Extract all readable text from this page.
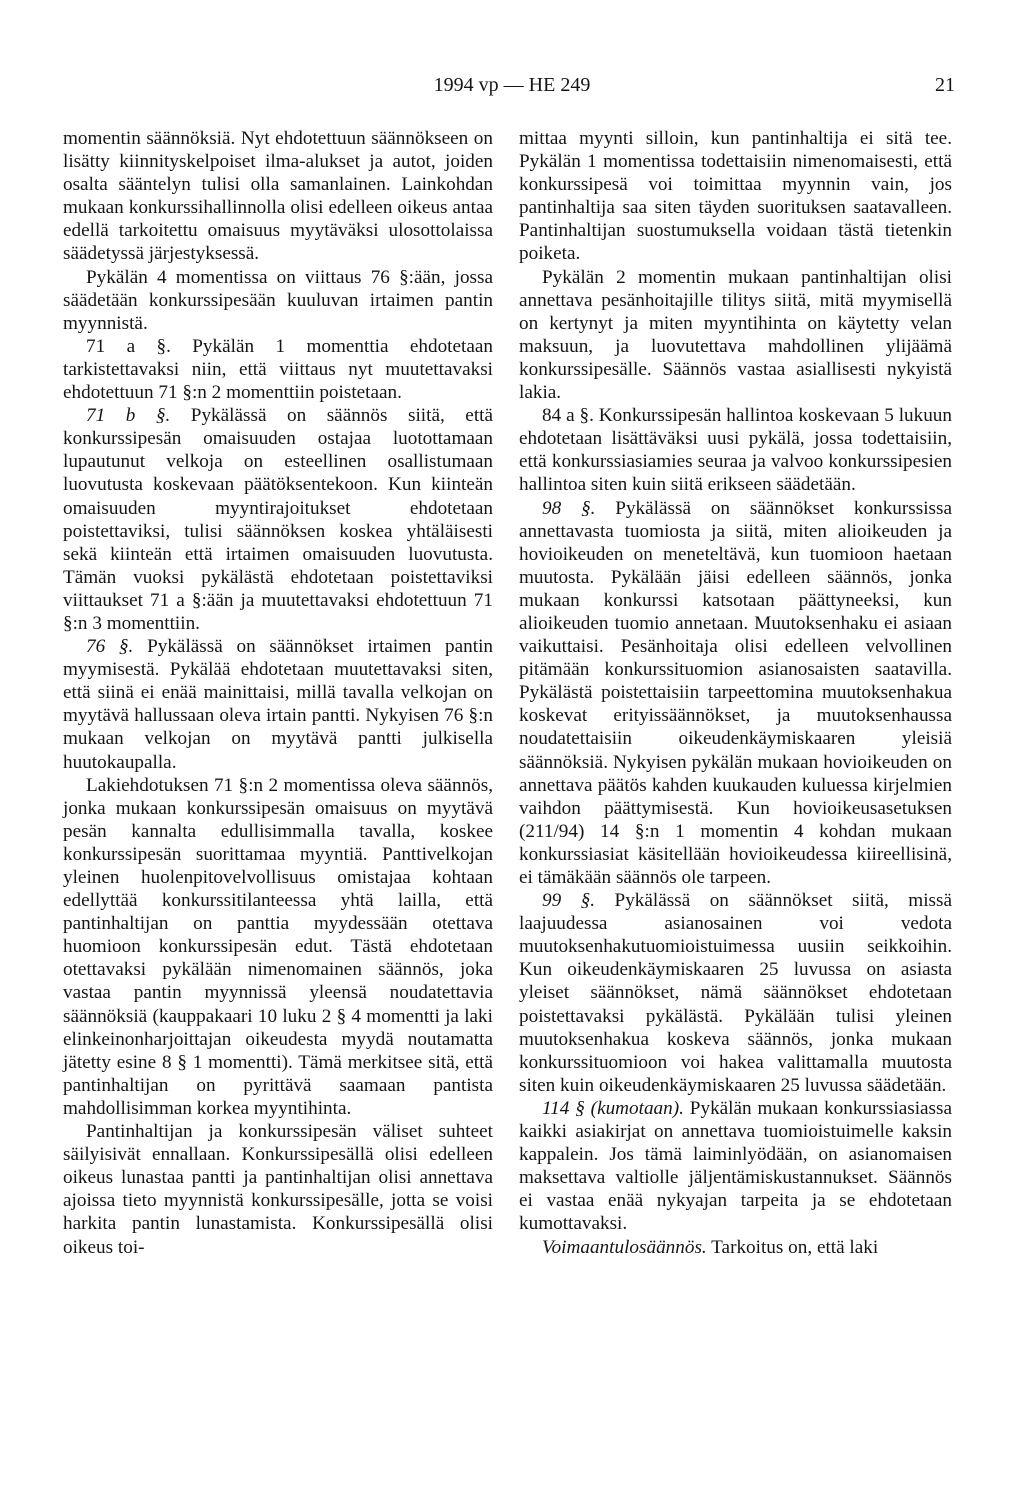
1994 vp — HE 249	21

momentin säännöksiä. Nyt ehdotettuun säännökseen on lisätty kiinnityskelpoiset ilma-alukset ja autot, joiden osalta sääntelyn tulisi olla samanlainen. Lainkohdan mukaan konkurssihallinnolla olisi edelleen oikeus antaa edellä tarkoitettu omaisuus myytäväksi ulosottolaissa säädetyssä järjestyksessä.

Pykälän 4 momentissa on viittaus 76 §:ään, jossa säädetään konkurssipesään kuuluvan irtaimen pantin myynnistä.

71 a §. Pykälän 1 momenttia ehdotetaan tarkistettavaksi niin, että viittaus nyt muutettavaksi ehdotettuun 71 §:n 2 momenttiin poistetaan.

71 b §. Pykälässä on säännös siitä, että konkurssipesän omaisuuden ostajaa luotottamaan lupautunut velkoja on esteellinen osallistumaan luovutusta koskevaan päätöksentekoon. Kun kiinteän omaisuuden myyntirajoitukset ehdotetaan poistettaviksi, tulisi säännöksen koskea yhtäläisesti sekä kiinteän että irtaimen omaisuuden luovutusta. Tämän vuoksi pykälästä ehdotetaan poistettaviksi viittaukset 71 a §:ään ja muutettavaksi ehdotettuun 71 §:n 3 momenttiin.

76 §. Pykälässä on säännökset irtaimen pantin myymisestä. Pykälää ehdotetaan muutettavaksi siten, että siinä ei enää mainittaisi, millä tavalla velkojan on myytävä hallussaan oleva irtain pantti. Nykyisen 76 §:n mukaan velkojan on myytävä pantti julkisella huutokaupalla.

Lakiehdotuksen 71 §:n 2 momentissa oleva säännös, jonka mukaan konkurssipesän omaisuus on myytävä pesän kannalta edullisimmalla tavalla, koskee konkurssipesän suorittamaa myyntiä. Panttivelkojan yleinen huolenpitovelvollisuus omistajaa kohtaan edellyttää konkurssitilanteessa yhtä lailla, että pantinhaltijan on panttia myydessään otettava huomioon konkurssipesän edut. Tästä ehdotetaan otettavaksi pykälään nimenomainen säännös, joka vastaa pantin myynnissä yleensä noudatettavia säännöksiä (kauppakaari 10 luku 2 § 4 momentti ja laki elinkeinonharjoittajan oikeudesta myydä noutamatta jätetty esine 8 § 1 momentti). Tämä merkitsee sitä, että pantinhaltijan on pyrittävä saamaan pantista mahdollisimman korkea myyntihinta.

Pantinhaltijan ja konkurssipesän väliset suhteet säilyisivät ennallaan. Konkurssipesällä olisi edelleen oikeus lunastaa pantti ja pantinhaltijan olisi annettava ajoissa tieto myynnistä konkurssipesälle, jotta se voisi harkita pantin lunastamista. Konkurssipesällä olisi oikeus toi-

mittaa myynti silloin, kun pantinhaltija ei sitä tee. Pykälän 1 momentissa todettaisiin nimenomaisesti, että konkurssipesä voi toimittaa myynnin vain, jos pantinhaltija saa siten täyden suorituksen saatavalleen. Pantinhaltijan suostumuksella voidaan tästä tietenkin poiketa.

Pykälän 2 momentin mukaan pantinhaltijan olisi annettava pesänhoitajille tilitys siitä, mitä myymisellä on kertynyt ja miten myyntihinta on käytetty velan maksuun, ja luovutettava mahdollinen ylijäämä konkurssipesälle. Säännös vastaa asiallisesti nykyistä lakia.

84 a §. Konkurssipesän hallintoa koskevaan 5 lukuun ehdotetaan lisättäväksi uusi pykälä, jossa todettaisiin, että konkurssiasiamies seuraa ja valvoo konkurssipesien hallintoa siten kuin siitä erikseen säädetään.

98 §. Pykälässä on säännökset konkurssissa annettavasta tuomiosta ja siitä, miten alioikeuden ja hovioikeuden on meneteltävä, kun tuomioon haetaan muutosta. Pykälään jäisi edelleen säännös, jonka mukaan konkurssi katsotaan päättyneeksi, kun alioikeuden tuomio annetaan. Muutoksenhaku ei asiaan vaikuttaisi. Pesänhoitaja olisi edelleen velvollinen pitämään konkurssituomion asianosaisten saatavilla. Pykälästä poistettaisiin tarpeettomina muutoksenhakua koskevat erityissäännökset, ja muutoksenhaussa noudatettaisiin oikeudenkäymiskaaren yleisiä säännöksiä. Nykyisen pykälän mukaan hovioikeuden on annettava päätös kahden kuukauden kuluessa kirjelmien vaihdon päättymisestä. Kun hovioikeusasetuksen (211/94) 14 §:n 1 momentin 4 kohdan mukaan konkurssiasiat käsitellään hovioikeudessa kiireellisinä, ei tämäkään säännös ole tarpeen.

99 §. Pykälässä on säännökset siitä, missä laajuudessa asianosainen voi vedota muutoksenhakutuomioistuimessa uusiin seikkoihin. Kun oikeudenkäymiskaaren 25 luvussa on asiasta yleiset säännökset, nämä säännökset ehdotetaan poistettavaksi pykälästä. Pykälään tulisi yleinen muutoksenhakua koskeva säännös, jonka mukaan konkurssituomioon voi hakea valittamalla muutosta siten kuin oikeudenkäymiskaaren 25 luvussa säädetään.

114 § (kumotaan). Pykälän mukaan konkurssiasiassa kaikki asiakirjat on annettava tuomioistuimelle kaksin kappalein. Jos tämä laiminlyödään, on asianomaisen maksettava valtiolle jäljentämiskustannukset. Säännös ei vastaa enää nykyajan tarpeita ja se ehdotetaan kumottavaksi.

Voimaantulosäännös. Tarkoitus on, että laki
